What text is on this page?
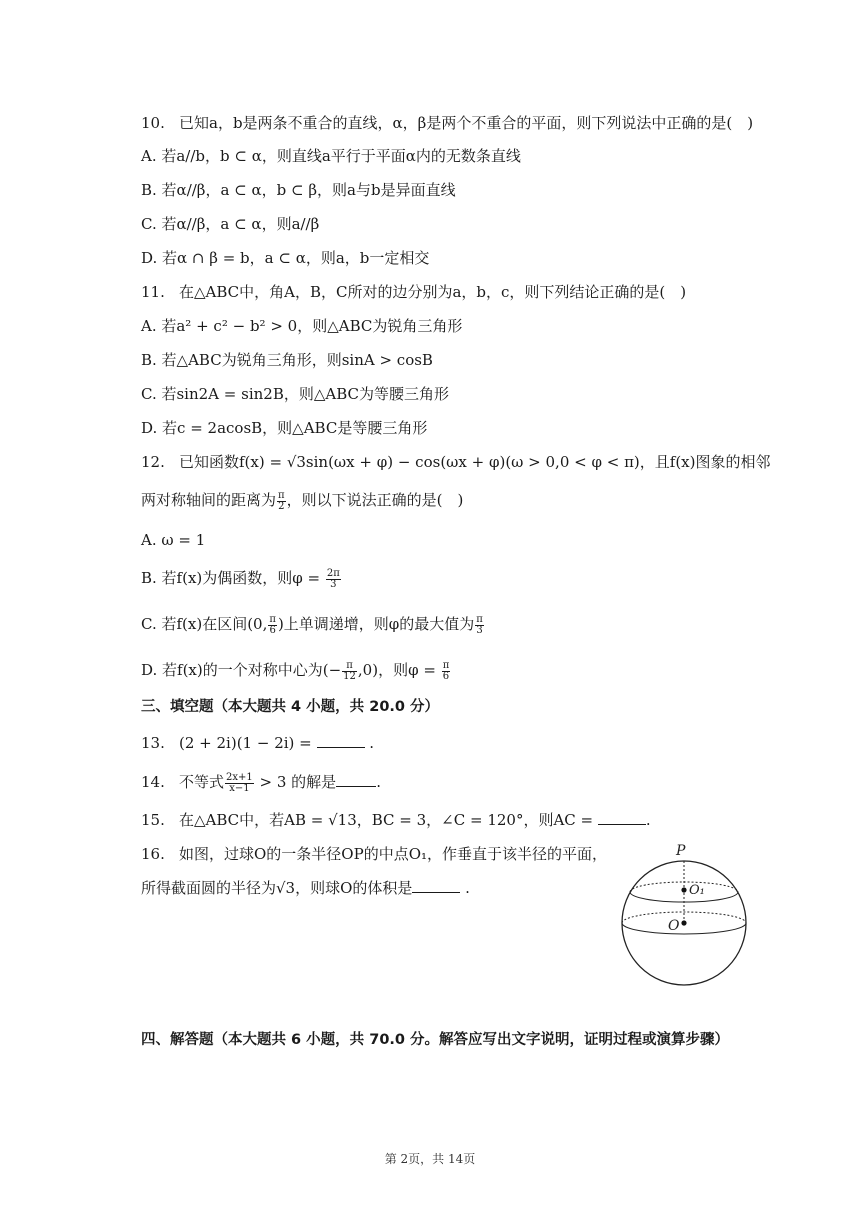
10. 已知a，b是两条不重合的直线，α，β是两个不重合的平面，则下列说法中正确的是(　)
A. 若a//b，b ⊂ α，则直线a平行于平面α内的无数条直线
B. 若α//β，a ⊂ α，b ⊂ β，则a与b是异面直线
C. 若α//β，a ⊂ α，则a//β
D. 若α ∩ β = b，a ⊂ α，则a，b一定相交
11. 在△ABC中，角A，B，C所对的边分别为a，b，c，则下列结论正确的是(　)
A. 若a² + c² − b² > 0，则△ABC为锐角三角形
B. 若△ABC为锐角三角形，则sinA > cosB
C. 若sin2A = sin2B，则△ABC为等腰三角形
D. 若c = 2acosB，则△ABC是等腰三角形
12. 已知函数f(x) = √3sin(ωx + φ) − cos(ωx + φ)(ω > 0,0 < φ < π)，且f(x)图象的相邻
两对称轴间的距离为 $\frac{\pi}{2}$ ，则以下说法正确的是(　)
A. ω = 1
B. 若f(x)为偶函数，则$\varphi = \frac{2\pi}{3}$
C. 若f(x)在区间(0, $\frac{\pi}{6}$ )上单调递增，则φ的最大值为 $\frac{\pi}{3}$
D. 若f(x)的一个对称中心为(− $\frac{\pi}{12} ,0$)，则$\varphi = \frac{\pi}{6}$
三、填空题（本大题共 4 小题，共 20.0 分）
13. (2 + 2i)(1 − 2i) =	.
14. 不等式 $\frac{2x+1}{x-1} > 3$ 的解是	.
15. 在△ABC中，若AB = √13，BC = 3，∠C = 120°，则AC =	.
16. 如图，过球O的一条半径OP的中点O₁，作垂直于该半径的平面，
所得截面圆的半径为√3，则球O的体积是	.
P
O₁
O
四、解答题（本大题共 6 小题，共 70.0 分。解答应写出文字说明，证明过程或演算步骤）
第 2页，共 14页
